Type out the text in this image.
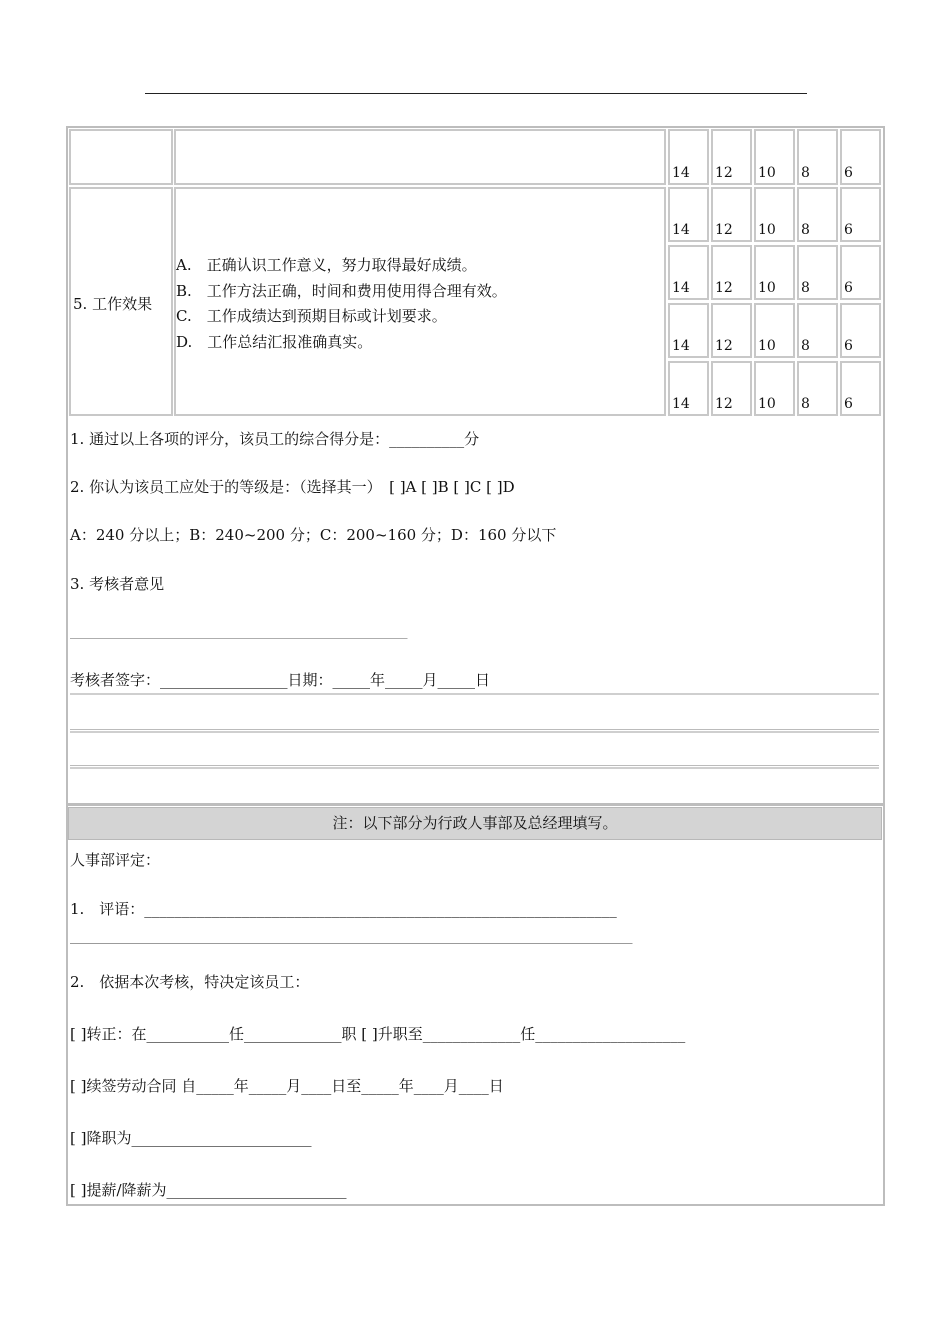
5. 工作效果
A.　正确认识工作意义，努力取得最好成绩。
B.　工作方法正确，时间和费用使用得合理有效。
C.　工作成绩达到预期目标或计划要求。
D.　工作总结汇报准确真实。
14 12 10 8 6
14 12 10 8 6
14 12 10 8 6
14 12 10 8 6
14 12 10 8 6
1. 通过以上各项的评分，该员工的综合得分是：__________分
2. 你认为该员工应处于的等级是：（选择其一）　[ ]A [ ]B [ ]C [ ]D
A：240 分以上；B：240~200 分；C：200~160 分；D：160 分以下
3. 考核者意见
_____________________________________________
考核者签字：_________________日期：_____年_____月_____日
注：以下部分为行政人事部及总经理填写。
人事部评定：
1.　评语：_______________________________________________________________
___________________________________________________________________________
2.　依据本次考核，特决定该员工：
[ ]转正：在___________任_____________职 [ ]升职至_____________任____________________
[ ]续签劳动合同 自_____年_____月____日至_____年____月____日
[ ]降职为________________________
[ ]提薪/降薪为________________________
